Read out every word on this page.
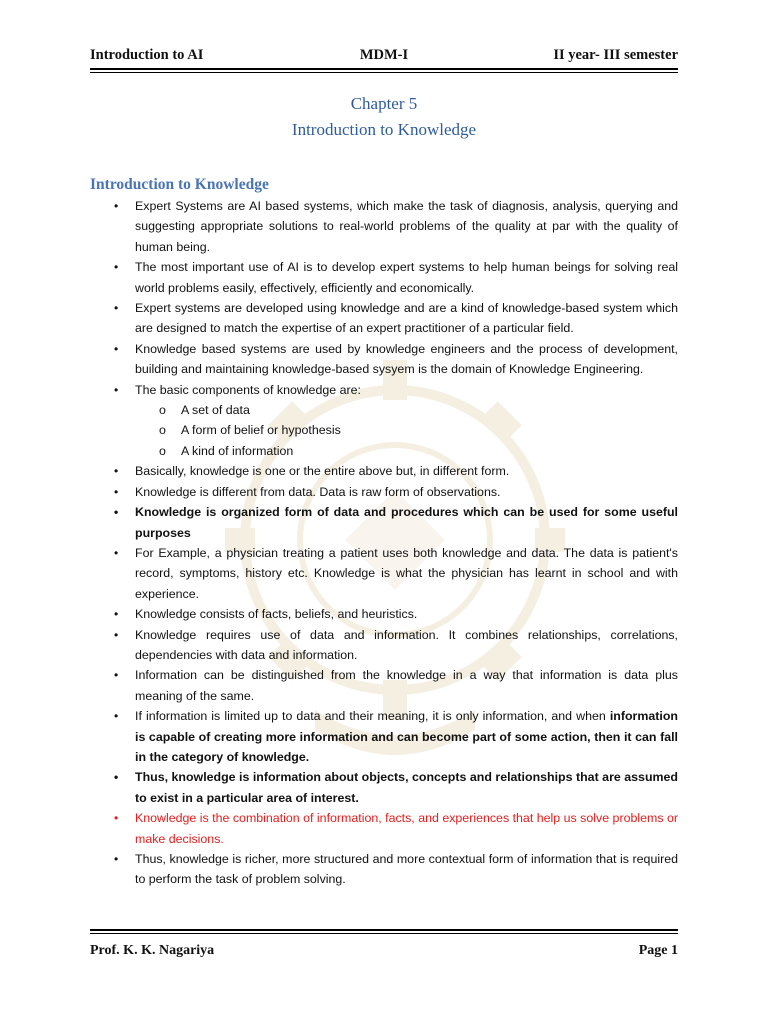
Introduction to AI	MDM-I	II year- III semester
Chapter 5
Introduction to Knowledge
Introduction to Knowledge
• Expert Systems are AI based systems, which make the task of diagnosis, analysis, querying and suggesting appropriate solutions to real-world problems of the quality at par with the quality of human being.
• The most important use of AI is to develop expert systems to help human beings for solving real world problems easily, effectively, efficiently and economically.
• Expert systems are developed using knowledge and are a kind of knowledge-based system which are designed to match the expertise of an expert practitioner of a particular field.
• Knowledge based systems are used by knowledge engineers and the process of development, building and maintaining knowledge-based sysyem is the domain of Knowledge Engineering.
• The basic components of knowledge are:
o A set of data
o A form of belief or hypothesis
o A kind of information
• Basically, knowledge is one or the entire above but, in different form.
• Knowledge is different from data. Data is raw form of observations.
• Knowledge is organized form of data and procedures which can be used for some useful purposes
• For Example, a physician treating a patient uses both knowledge and data. The data is patient's record, symptoms, history etc. Knowledge is what the physician has learnt in school and with experience.
• Knowledge consists of facts, beliefs, and heuristics.
• Knowledge requires use of data and information. It combines relationships, correlations, dependencies with data and information.
• Information can be distinguished from the knowledge in a way that information is data plus meaning of the same.
• If information is limited up to data and their meaning, it is only information, and when information is capable of creating more information and can become part of some action, then it can fall in the category of knowledge.
• Thus, knowledge is information about objects, concepts and relationships that are assumed to exist in a particular area of interest.
• Knowledge is the combination of information, facts, and experiences that help us solve problems or make decisions.
• Thus, knowledge is richer, more structured and more contextual form of information that is required to perform the task of problem solving.
Prof. K. K. Nagariya	Page 1
